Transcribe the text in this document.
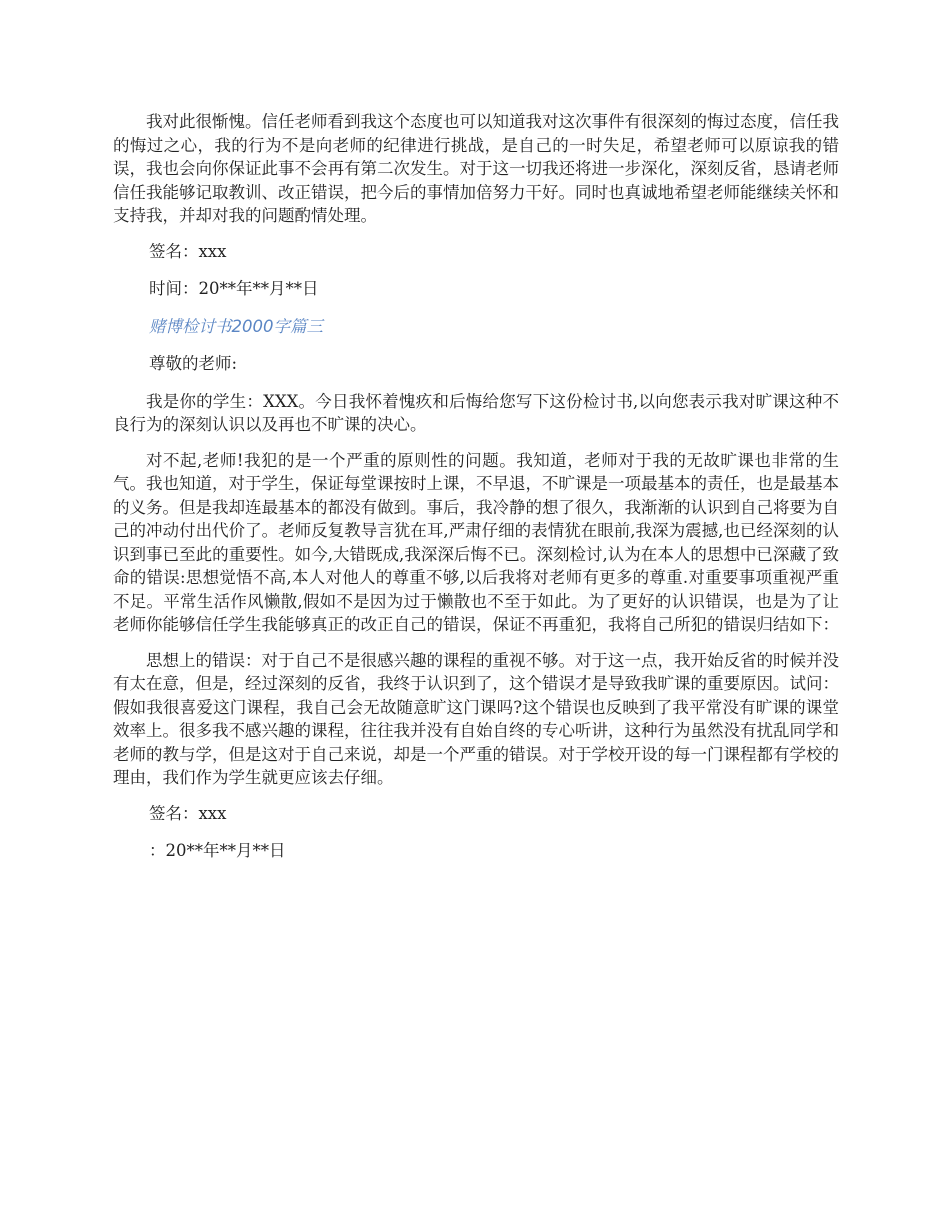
我对此很惭愧。信任老师看到我这个态度也可以知道我对这次事件有很深刻的悔过态度，信任我的悔过之心，我的行为不是向老师的纪律进行挑战，是自己的一时失足，希望老师可以原谅我的错误，我也会向你保证此事不会再有第二次发生。对于这一切我还将进一步深化，深刻反省，恳请老师信任我能够记取教训、改正错误，把今后的事情加倍努力干好。同时也真诚地希望老师能继续关怀和支持我，并却对我的问题酌情处理。

签名：xxx

时间：20**年**月**日

赌博检讨书2000字篇三

尊敬的老师:

我是你的学生：XXX。今日我怀着愧疚和后悔给您写下这份检讨书,以向您表示我对旷课这种不良行为的深刻认识以及再也不旷课的决心。

对不起,老师!我犯的是一个严重的原则性的问题。我知道，老师对于我的无故旷课也非常的生气。我也知道，对于学生，保证每堂课按时上课，不早退，不旷课是一项最基本的责任，也是最基本的义务。但是我却连最基本的都没有做到。事后，我冷静的想了很久，我渐渐的认识到自己将要为自己的冲动付出代价了。老师反复教导言犹在耳,严肃仔细的表情犹在眼前,我深为震撼,也已经深刻的认识到事已至此的重要性。如今,大错既成,我深深后悔不已。深刻检讨,认为在本人的思想中已深藏了致命的错误:思想觉悟不高,本人对他人的尊重不够,以后我将对老师有更多的尊重.对重要事项重视严重不足。平常生活作风懒散,假如不是因为过于懒散也不至于如此。为了更好的认识错误，也是为了让老师你能够信任学生我能够真正的改正自己的错误，保证不再重犯，我将自己所犯的错误归结如下：

思想上的错误：对于自己不是很感兴趣的课程的重视不够。对于这一点，我开始反省的时候并没有太在意，但是，经过深刻的反省，我终于认识到了，这个错误才是导致我旷课的重要原因。试问：假如我很喜爱这门课程，我自己会无故随意旷这门课吗?这个错误也反映到了我平常没有旷课的课堂效率上。很多我不感兴趣的课程，往往我并没有自始自终的专心听讲，这种行为虽然没有扰乱同学和老师的教与学，但是这对于自己来说，却是一个严重的错误。对于学校开设的每一门课程都有学校的理由，我们作为学生就更应该去仔细。

签名：xxx

：20**年**月**日
